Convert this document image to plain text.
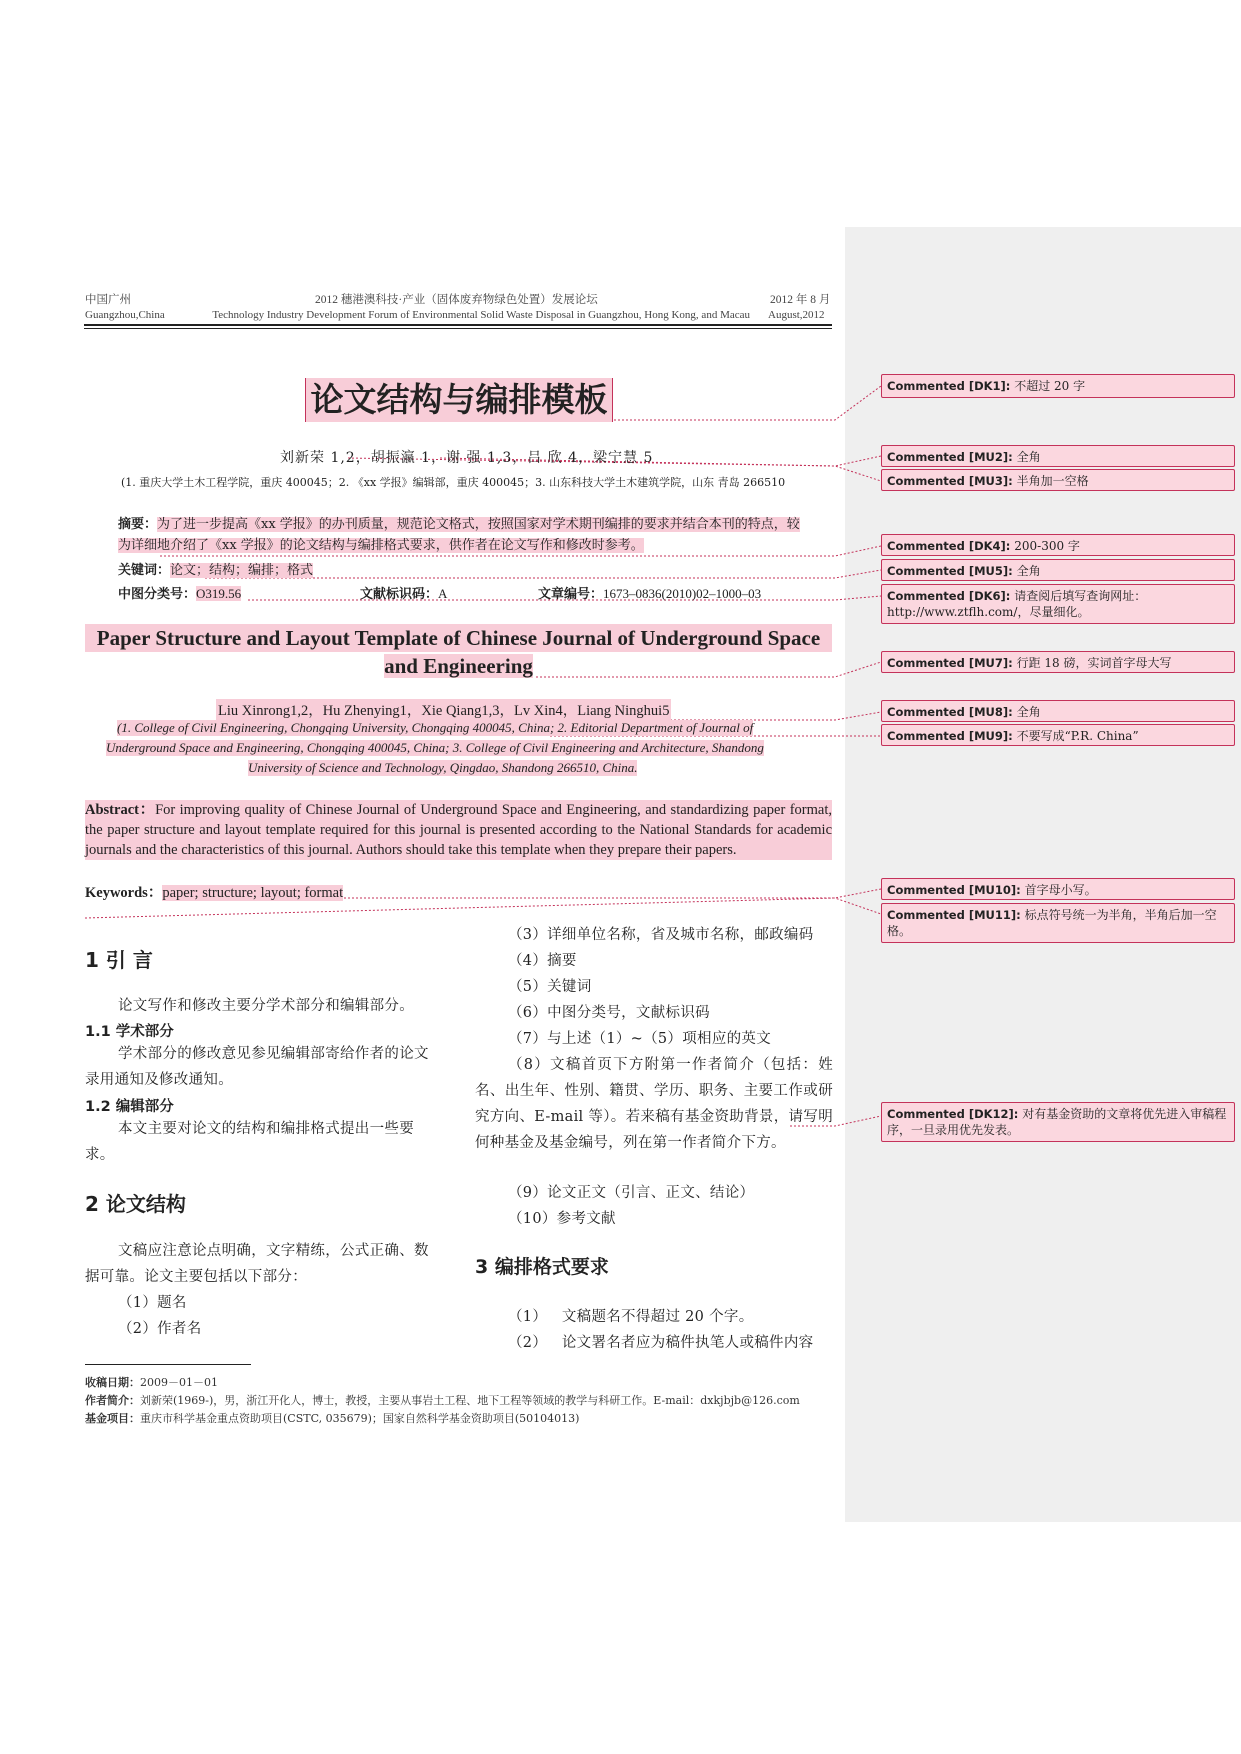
中国广州
Guangzhou,China
2012 穗港澳科技·产业（固体废弃物绿色处置）发展论坛
Technology Industry Development Forum of Environmental Solid Waste Disposal in Guangzhou, Hong Kong, and Macau
2012 年 8 月
August,2012
论文结构与编排模板
刘新荣 1,2，胡振瀛 1，谢 强 1,3，吕 欣 4，梁宁慧 5
(1. 重庆大学土木工程学院，重庆 400045；2. 《xx 学报》编辑部，重庆 400045；3. 山东科技大学土木建筑学院，山东 青岛 266510
摘要：为了进一步提高《xx 学报》的办刊质量，规范论文格式，按照国家对学术期刊编排的要求并结合本刊的特点，较为详细地介绍了《xx 学报》的论文结构与编排格式要求，供作者在论文写作和修改时参考。
关键词：论文；结构；编排；格式
中图分类号：O319.56	文献标识码：A	文章编号：1673–0836(2010)02–1000–03
Paper Structure and Layout Template of Chinese Journal of Underground Space
and Engineering
Liu Xinrong1,2，Hu Zhenying1，Xie Qiang1,3，Lv Xin4，Liang Ninghui5
(1. College of Civil Engineering, Chongqing University, Chongqing 400045, China; 2. Editorial Department of Journal of
Underground Space and Engineering, Chongqing 400045, China; 3. College of Civil Engineering and Architecture, Shandong
University of Science and Technology, Qingdao, Shandong 266510, China.
Abstract：For improving quality of Chinese Journal of Underground Space and Engineering, and standardizing paper format, the paper structure and layout template required for this journal is presented according to the National Standards for academic journals and the characteristics of this journal. Authors should take this template when they prepare their papers.
Keywords：paper; structure; layout; format
1 引 言
论文写作和修改主要分学术部分和编辑部分。
1.1 学术部分
学术部分的修改意见参见编辑部寄给作者的论文录用通知及修改通知。
1.2 编辑部分
本文主要对论文的结构和编排格式提出一些要求。
2 论文结构
文稿应注意论点明确，文字精练，公式正确、数据可靠。论文主要包括以下部分：
（1）题名
（2）作者名
（3）详细单位名称，省及城市名称，邮政编码
（4）摘要
（5）关键词
（6）中图分类号，文献标识码
（7）与上述（1）~（5）项相应的英文
（8）文稿首页下方附第一作者简介（包括：姓名、出生年、性别、籍贯、学历、职务、主要工作或研究方向、E-mail 等）。若来稿有基金资助背景，请写明何种基金及基金编号，列在第一作者简介下方。
（9）论文正文（引言、正文、结论）
（10）参考文献
3 编排格式要求
（1）   文稿题名不得超过 20 个字。
（2）   论文署名者应为稿件执笔人或稿件内容
收稿日期：2009－01－01
作者简介：刘新荣(1969-)，男，浙江开化人，博士，教授，主要从事岩土工程、地下工程等领域的教学与科研工作。E-mail：dxkjbjb@126.com
基金项目：重庆市科学基金重点资助项目(CSTC, 035679)；国家自然科学基金资助项目(50104013)
Commented [DK1]: 不超过 20 字
Commented [MU2]: 全角
Commented [MU3]: 半角加一空格
Commented [DK4]: 200-300 字
Commented [MU5]: 全角
Commented [DK6]: 请查阅后填写查询网址：http://www.ztflh.com/，尽量细化。
Commented [MU7]: 行距 18 磅，实词首字母大写
Commented [MU8]: 全角
Commented [MU9]: 不要写成“P.R. China”
Commented [MU10]: 首字母小写。
Commented [MU11]: 标点符号统一为半角，半角后加一空格。
Commented [DK12]: 对有基金资助的文章将优先进入审稿程序，一旦录用优先发表。
